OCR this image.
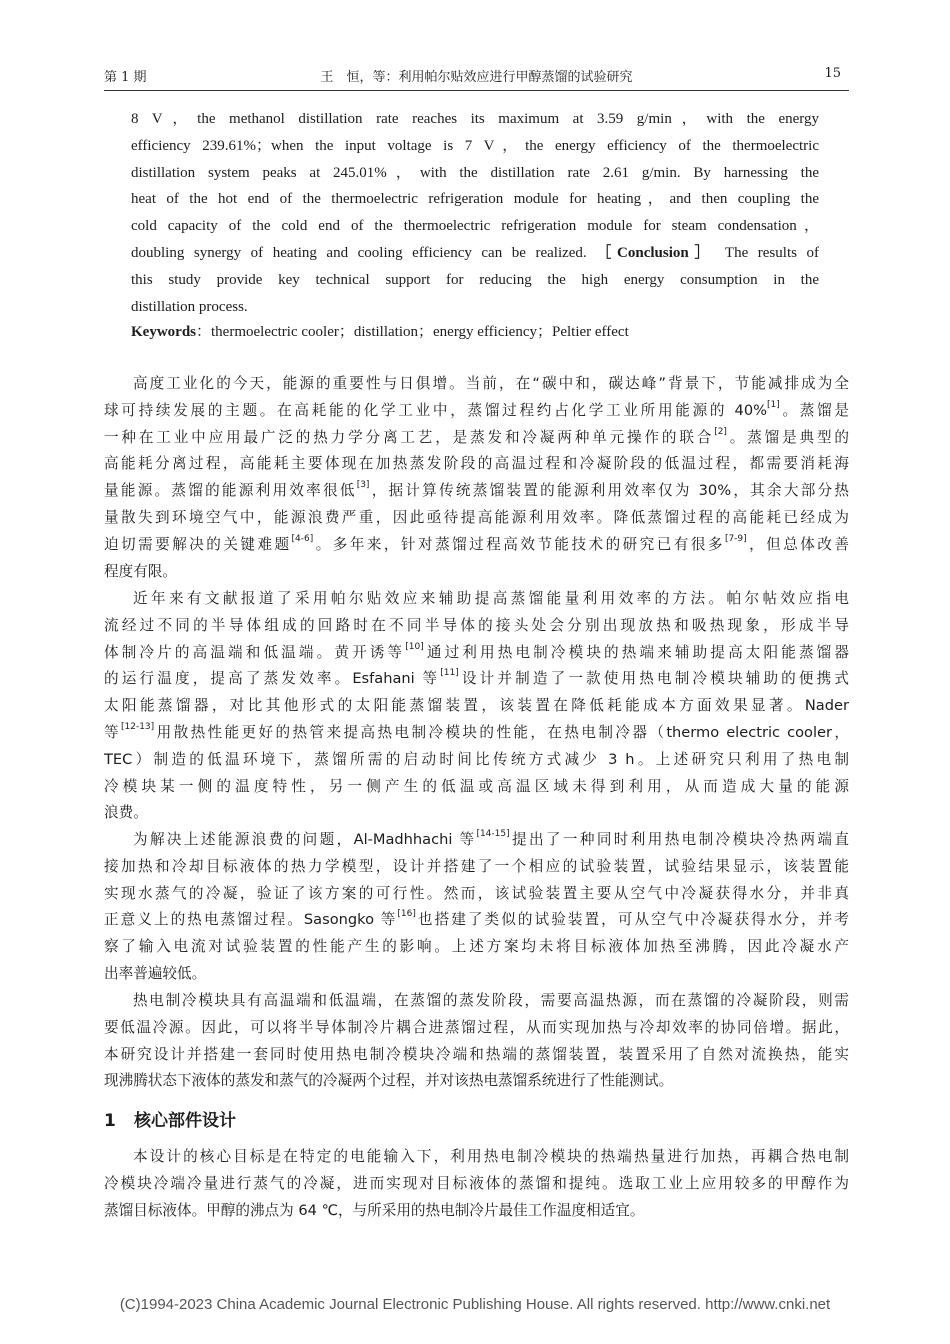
第 1 期	王　恒，等：利用帕尔贴效应进行甲醇蒸馏的试验研究	15
8 V，the methanol distillation rate reaches its maximum at 3.59 g/min，with the energy
efficiency 239.61%；when the input voltage is 7 V，the energy efficiency of the thermoelectric
distillation system peaks at 245.01%，with the distillation rate 2.61 g/min. By harnessing the
heat of the hot end of the thermoelectric refrigeration module for heating，and then coupling the
cold capacity of the cold end of the thermoelectric refrigeration module for steam condensation，
doubling synergy of heating and cooling efficiency can be realized. ［Conclusion］ The results of
this study provide key technical support for reducing the high energy consumption in the
distillation process.
Keywords：thermoelectric cooler；distillation；energy efficiency；Peltier effect
高度工业化的今天，能源的重要性与日俱增。当前，在“碳中和，碳达峰”背景下，节能减排成为全
球可持续发展的主题。在高耗能的化学工业中，蒸馏过程约占化学工业所用能源的 40%[1]。蒸馏是
一种在工业中应用最广泛的热力学分离工艺，是蒸发和冷凝两种单元操作的联合[2]。蒸馏是典型的
高能耗分离过程，高能耗主要体现在加热蒸发阶段的高温过程和冷凝阶段的低温过程，都需要消耗海
量能源。蒸馏的能源利用效率很低[3]，据计算传统蒸馏装置的能源利用效率仅为 30%，其余大部分热
量散失到环境空气中，能源浪费严重，因此亟待提高能源利用效率。降低蒸馏过程的高能耗已经成为
迫切需要解决的关键难题[4-6]。多年来，针对蒸馏过程高效节能技术的研究已有很多[7-9]，但总体改善
程度有限。
近年来有文献报道了采用帕尔贴效应来辅助提高蒸馏能量利用效率的方法。帕尔帖效应指电
流经过不同的半导体组成的回路时在不同半导体的接头处会分别出现放热和吸热现象，形成半导
体制冷片的高温端和低温端。黄开诱等[10]通过利用热电制冷模块的热端来辅助提高太阳能蒸馏器
的运行温度，提高了蒸发效率。Esfahani 等[11]设计并制造了一款使用热电制冷模块辅助的便携式
太阳能蒸馏器，对比其他形式的太阳能蒸馏装置，该装置在降低耗能成本方面效果显著。Nader
等[12-13]用散热性能更好的热管来提高热电制冷模块的性能，在热电制冷器（thermo electric cooler，
TEC）制造的低温环境下，蒸馏所需的启动时间比传统方式减少 3 h。上述研究只利用了热电制
冷模块某一侧的温度特性，另一侧产生的低温或高温区域未得到利用，从而造成大量的能源
浪费。
为解决上述能源浪费的问题，Al-Madhhachi 等[14-15]提出了一种同时利用热电制冷模块冷热两端直
接加热和冷却目标液体的热力学模型，设计并搭建了一个相应的试验装置，试验结果显示，该装置能
实现水蒸气的冷凝，验证了该方案的可行性。然而，该试验装置主要从空气中冷凝获得水分，并非真
正意义上的热电蒸馏过程。Sasongko 等[16]也搭建了类似的试验装置，可从空气中冷凝获得水分，并考
察了输入电流对试验装置的性能产生的影响。上述方案均未将目标液体加热至沸腾，因此冷凝水产
出率普遍较低。
热电制冷模块具有高温端和低温端，在蒸馏的蒸发阶段，需要高温热源，而在蒸馏的冷凝阶段，则需
要低温冷源。因此，可以将半导体制冷片耦合进蒸馏过程，从而实现加热与冷却效率的协同倍增。据此，
本研究设计并搭建一套同时使用热电制冷模块冷端和热端的蒸馏装置，装置采用了自然对流换热，能实
现沸腾状态下液体的蒸发和蒸气的冷凝两个过程，并对该热电蒸馏系统进行了性能测试。
1 核心部件设计
本设计的核心目标是在特定的电能输入下，利用热电制冷模块的热端热量进行加热，再耦合热电制
冷模块冷端冷量进行蒸气的冷凝，进而实现对目标液体的蒸馏和提纯。选取工业上应用较多的甲醇作为
蒸馏目标液体。甲醇的沸点为 64 ℃，与所采用的热电制冷片最佳工作温度相适宜。
(C)1994-2023 China Academic Journal Electronic Publishing House. All rights reserved. http://www.cnki.net
